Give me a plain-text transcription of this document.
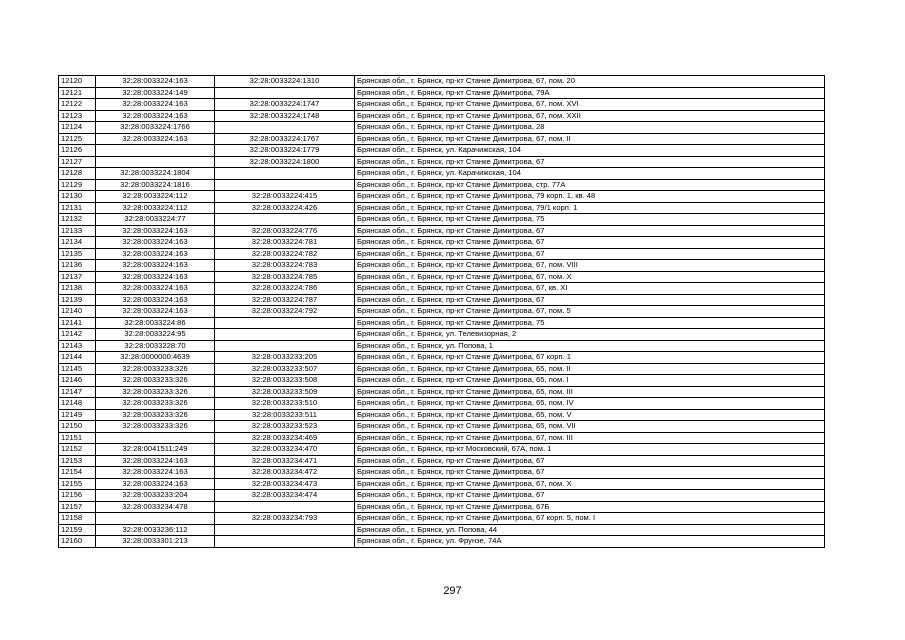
12120	32:28:0033224:163	32:28:0033224:1310	Брянская обл., г. Брянск, пр-кт Станке Димитрова, 67, пом. 20
12121	32:28:0033224:149		Брянская обл., г. Брянск, пр-кт Станке Димитрова, 79А
12122	32:28:0033224:163	32:28:0033224:1747	Брянская обл., г. Брянск, пр-кт Станке Димитрова, 67, пом. XVI
12123	32:28:0033224:163	32:28:0033224:1748	Брянская обл., г. Брянск, пр-кт Станке Димитрова, 67, пом. XXII
12124	32:28:0033224:1766		Брянская обл., г. Брянск, пр-кт Станке Димитрова, 28
12125	32:28:0033224:163	32:28:0033224:1767	Брянская обл., г. Брянск, пр-кт Станке Димитрова, 67, пом. II
12126		32:28:0033224:1779	Брянская обл., г. Брянск, ул. Карачижская, 104
12127		32:28:0033224:1800	Брянская обл., г. Брянск, пр-кт Станке Димитрова, 67
12128	32:28:0033224:1804		Брянская обл., г. Брянск, ул. Карачижская, 104
12129	32:28:0033224:1816		Брянская обл., г. Брянск, пр-кт Станке Димитрова, стр. 77А
12130	32:28:0033224:112	32:28:0033224:415	Брянская обл., г. Брянск, пр-кт Станке Димитрова, 79 корп. 1, кв. 48
12131	32:28:0033224:112	32:28:0033224:426	Брянская обл., г. Брянск, пр-кт Станке Димитрова, 79/1 корп. 1
12132	32:28:0033224:77		Брянская обл., г. Брянск, пр-кт Станке Димитрова, 75
12133	32:28:0033224:163	32:28:0033224:776	Брянская обл., г. Брянск, пр-кт Станке Димитрова, 67
12134	32:28:0033224:163	32:28:0033224:781	Брянская обл., г. Брянск, пр-кт Станке Димитрова, 67
12135	32:28:0033224:163	32:28:0033224:782	Брянская обл., г. Брянск, пр-кт Станке Димитрова, 67
12136	32:28:0033224:163	32:28:0033224:783	Брянская обл., г. Брянск, пр-кт Станке Димитрова, 67, пом. VIII
12137	32:28:0033224:163	32:28:0033224:785	Брянская обл., г. Брянск, пр-кт Станке Димитрова, 67, пом. X
12138	32:28:0033224:163	32:28:0033224:786	Брянская обл., г. Брянск, пр-кт Станке Димитрова, 67, кв. XI
12139	32:28:0033224:163	32:28:0033224:787	Брянская обл., г. Брянск, пр-кт Станке Димитрова, 67
12140	32:28:0033224:163	32:28:0033224:792	Брянская обл., г. Брянск, пр-кт Станке Димитрова, 67, пом. 5
12141	32:28:0033224:86		Брянская обл., г. Брянск, пр-кт Станке Димитрова, 75
12142	32:28:0033224:95		Брянская обл., г. Брянск, ул. Телевизорная, 2
12143	32:28:0033228:70		Брянская обл., г. Брянск, ул. Попова, 1
12144	32:28:0000000:4639	32:28:0033233:205	Брянская обл., г. Брянск, пр-кт Станке Димитрова, 67 корп. 1
12145	32:28:0033233:326	32:28:0033233:507	Брянская обл., г. Брянск, пр-кт Станке Димитрова, 65, пом. II
12146	32:28:0033233:326	32:28:0033233:508	Брянская обл., г. Брянск, пр-кт Станке Димитрова, 65, пом. I
12147	32:28:0033233:326	32:28:0033233:509	Брянская обл., г. Брянск, пр-кт Станке Димитрова, 65, пом. III
12148	32:28:0033233:326	32:28:0033233:510	Брянская обл., г. Брянск, пр-кт Станке Димитрова, 65, пом. IV
12149	32:28:0033233:326	32:28:0033233:511	Брянская обл., г. Брянск, пр-кт Станке Димитрова, 65, пом. V
12150	32:28:0033233:326	32:28:0033233:523	Брянская обл., г. Брянск, пр-кт Станке Димитрова, 65, пом. VII
12151		32:28:0033234:469	Брянская обл., г. Брянск, пр-кт Станке Димитрова, 67, пом. III
12152	32:28:0041511:249	32:28:0033234:470	Брянская обл., г. Брянск, пр-кт Московский, 67А, пом. 1
12153	32:28:0033224:163	32:28:0033234:471	Брянская обл., г. Брянск, пр-кт Станке Димитрова, 67
12154	32:28:0033224:163	32:28:0033234:472	Брянская обл., г. Брянск, пр-кт Станке Димитрова, 67
12155	32:28:0033224:163	32:28:0033234:473	Брянская обл., г. Брянск, пр-кт Станке Димитрова, 67, пом. X
12156	32:28:0033233:204	32:28:0033234:474	Брянская обл., г. Брянск, пр-кт Станке Димитрова, 67
12157	32:28:0033234:478		Брянская обл., г. Брянск, пр-кт Станке Димитрова, 67Б
12158		32:28:0033234:793	Брянская обл., г. Брянск, пр-кт Станке Димитрова, 67 корп. 5, пом. I
12159	32:28:0033236:112		Брянская обл., г. Брянск, ул. Попова, 44
12160	32:28:0033301:213		Брянская обл., г. Брянск, ул. Фрунзе, 74А
297
